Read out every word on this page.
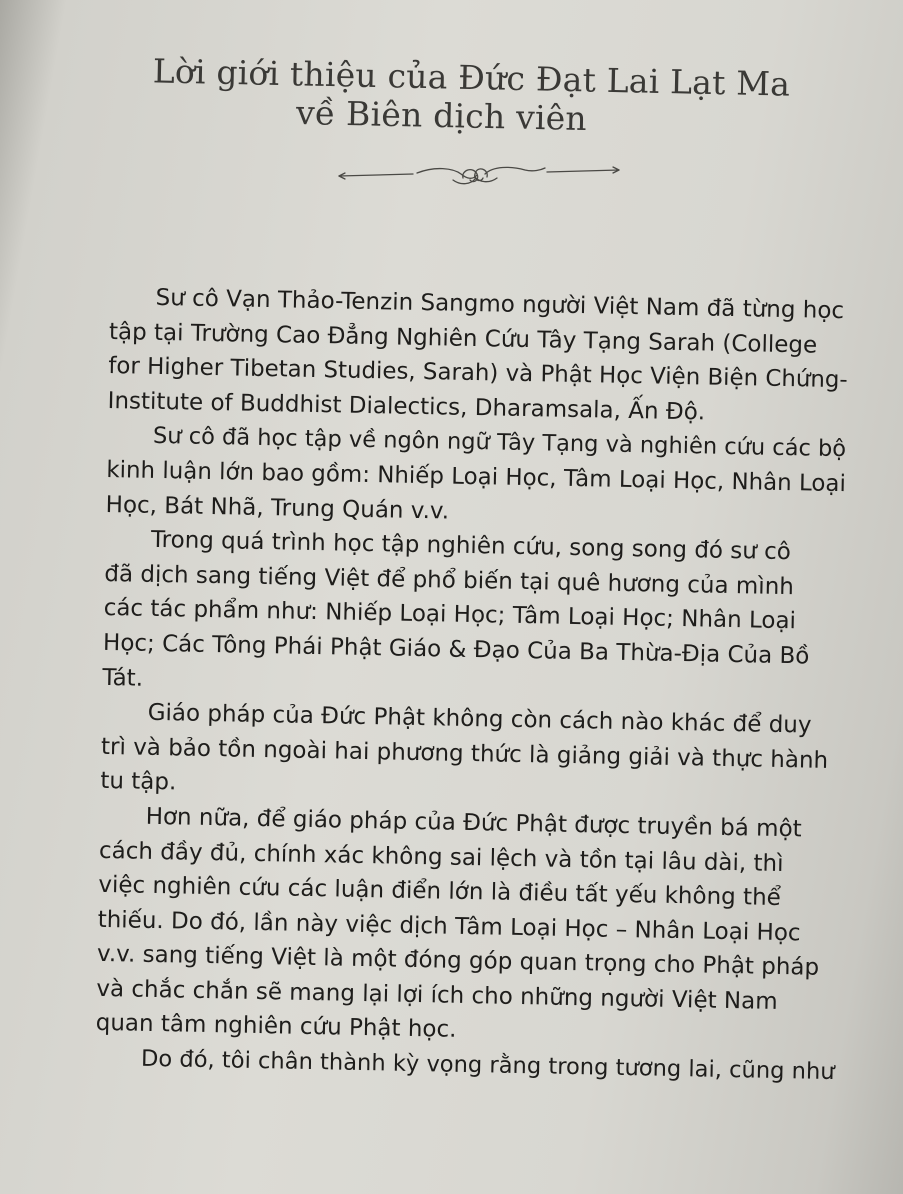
Lời giới thiệu của Đức Đạt Lai Lạt Ma
về Biên dịch viên
Sư cô Vạn Thảo-Tenzin Sangmo người Việt Nam đã từng học
tập tại Trường Cao Đẳng Nghiên Cứu Tây Tạng Sarah (College
for Higher Tibetan Studies, Sarah) và Phật Học Viện Biện Chứng-
Institute of Buddhist Dialectics, Dharamsala, Ấn Độ.
Sư cô đã học tập về ngôn ngữ Tây Tạng và nghiên cứu các bộ
kinh luận lớn bao gồm: Nhiếp Loại Học, Tâm Loại Học, Nhân Loại
Học, Bát Nhã, Trung Quán v.v.
Trong quá trình học tập nghiên cứu, song song đó sư cô
đã dịch sang tiếng Việt để phổ biến tại quê hương của mình
các tác phẩm như: Nhiếp Loại Học; Tâm Loại Học; Nhân Loại
Học; Các Tông Phái Phật Giáo & Đạo Của Ba Thừa-Địa Của Bồ
Tát.
Giáo pháp của Đức Phật không còn cách nào khác để duy
trì và bảo tồn ngoài hai phương thức là giảng giải và thực hành
tu tập.
Hơn nữa, để giáo pháp của Đức Phật được truyền bá một
cách đầy đủ, chính xác không sai lệch và tồn tại lâu dài, thì
việc nghiên cứu các luận điển lớn là điều tất yếu không thể
thiếu. Do đó, lần này việc dịch Tâm Loại Học – Nhân Loại Học
v.v. sang tiếng Việt là một đóng góp quan trọng cho Phật pháp
và chắc chắn sẽ mang lại lợi ích cho những người Việt Nam
quan tâm nghiên cứu Phật học.
Do đó, tôi chân thành kỳ vọng rằng trong tương lai, cũng như
